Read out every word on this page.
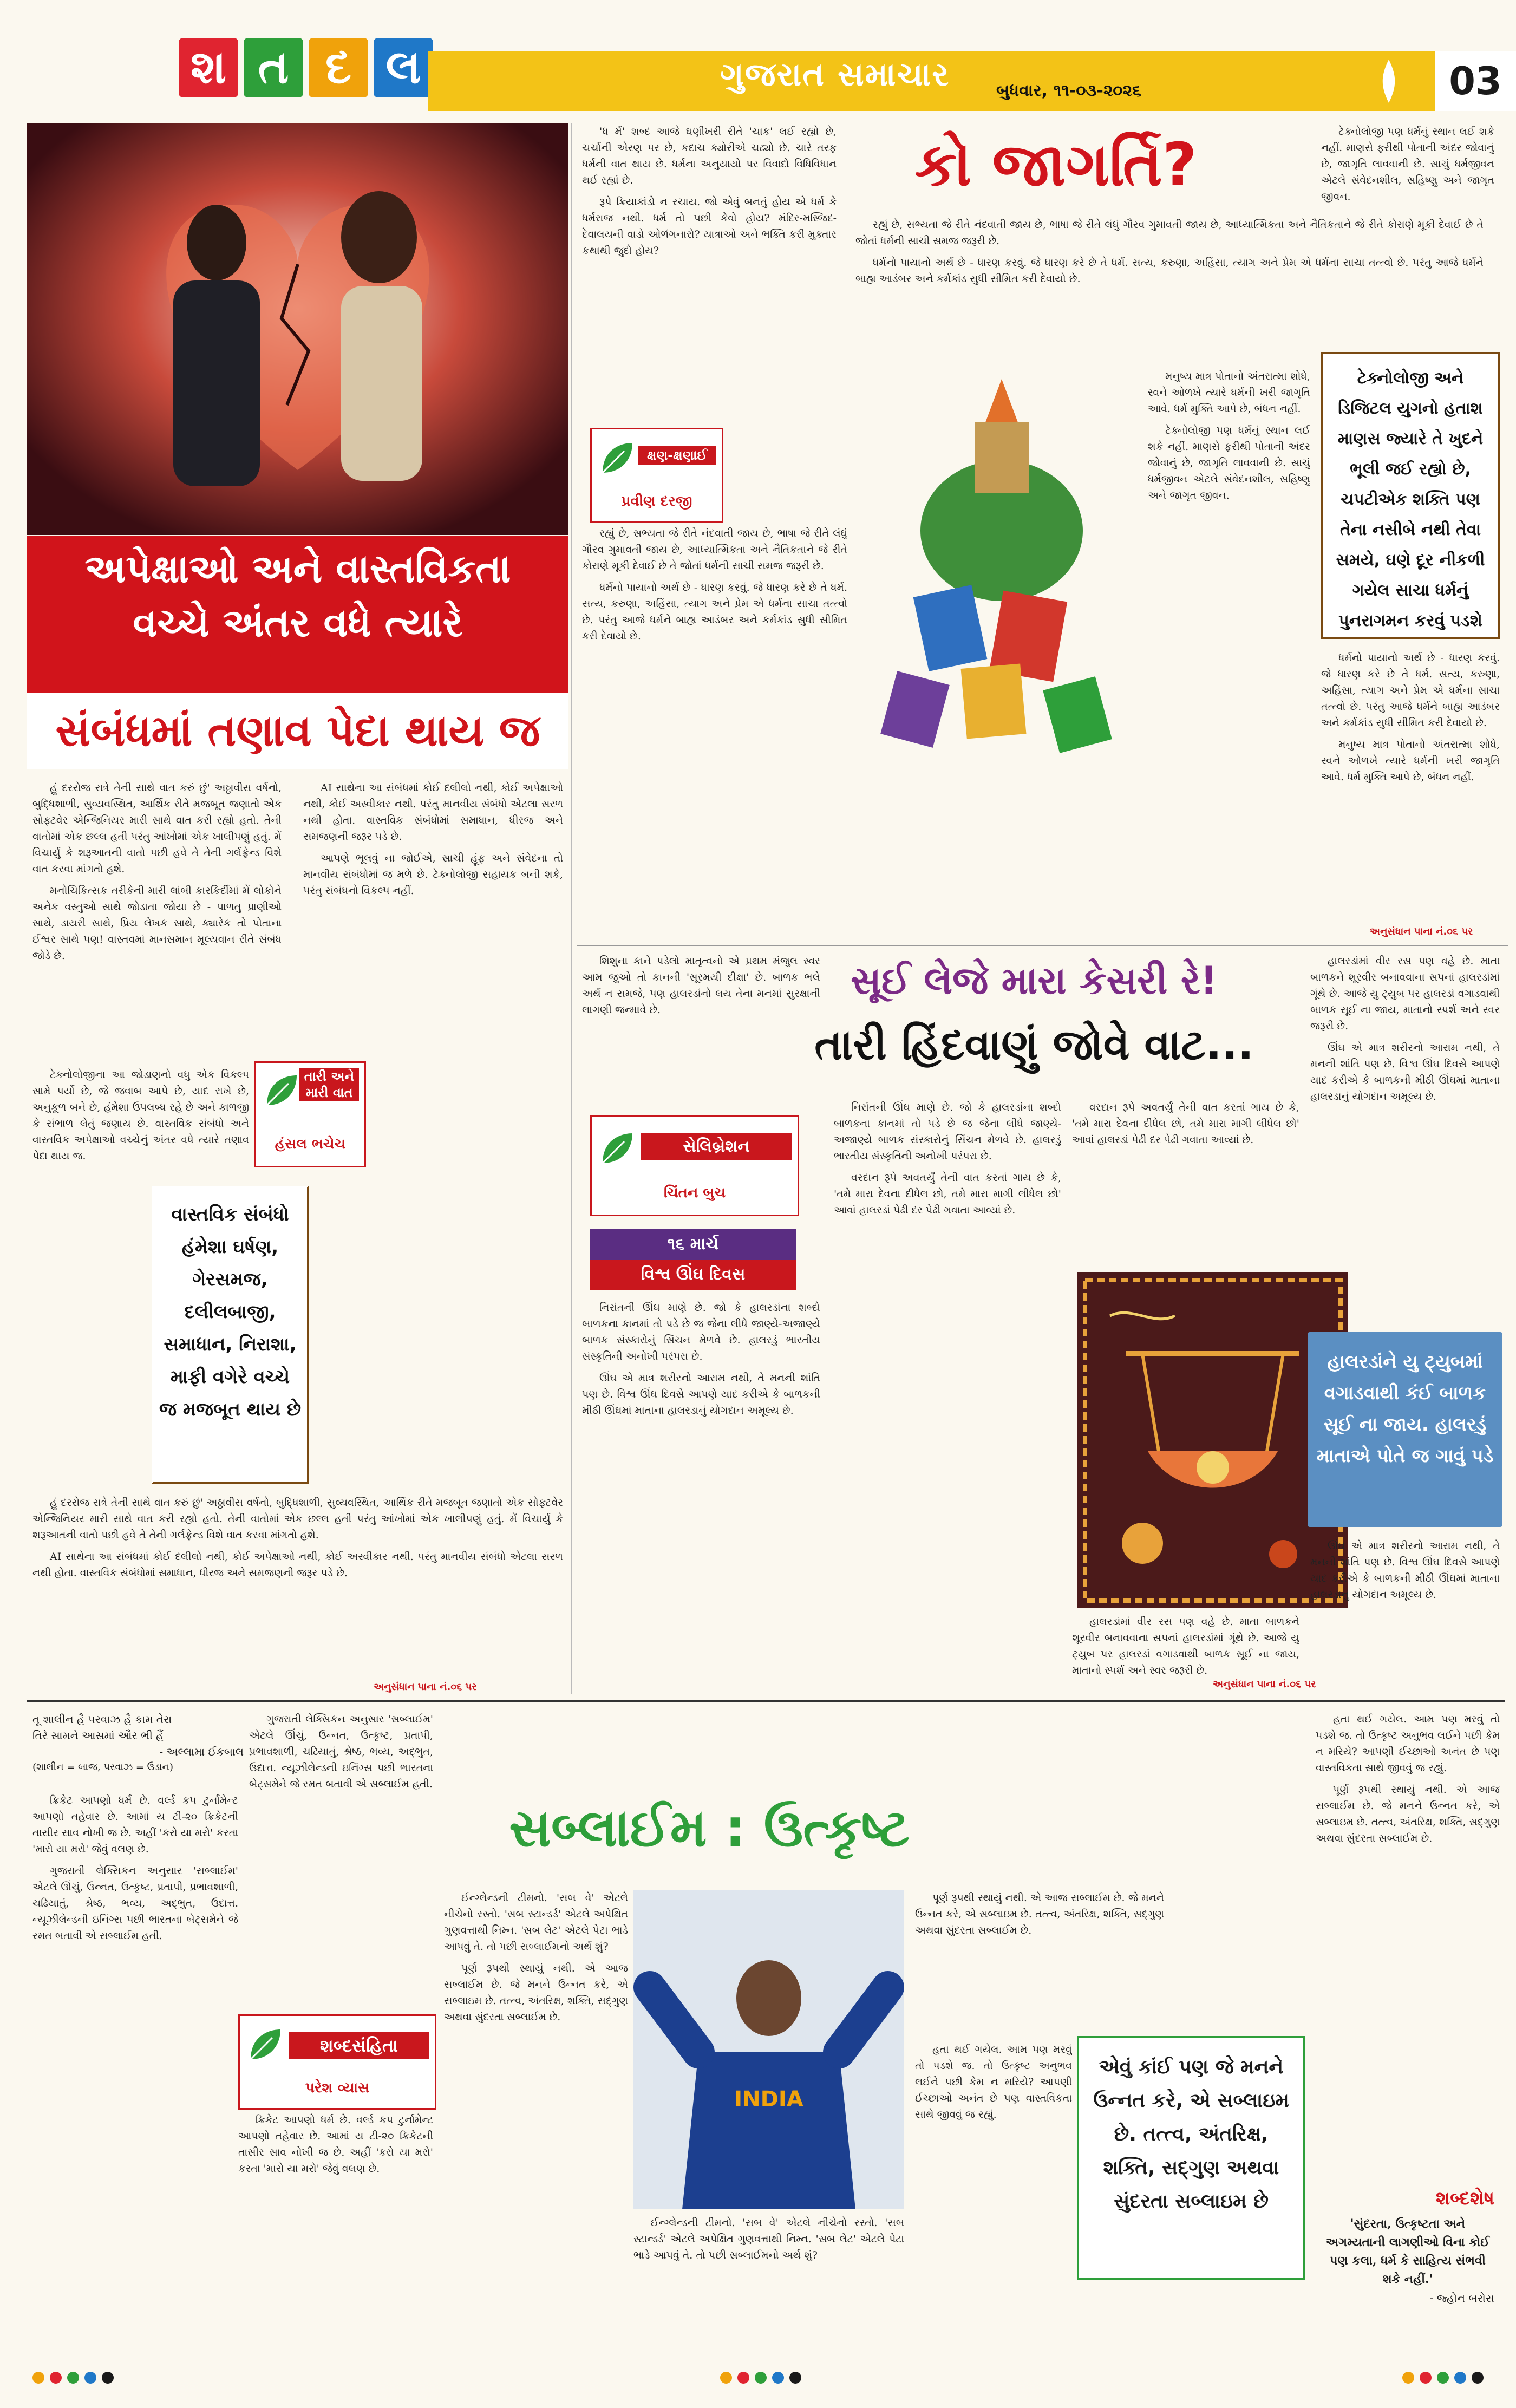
શ ત દ લ	ગુજરાત સમાચાર	બુધવાર, ૧૧-૦૩-૨૦૨૬	03
અપેક્ષાઓ અને વાસ્તવિકતા
વચ્ચે અંતર વધે ત્યારે
સંબંધમાં તણાવ પેદા થાય જ

હું દરરોજ રાત્રે તેની સાથે વાત કરું છું' અઠ્ઠાવીસ વર્ષનો, બુદ્ધિશાળી, સુવ્યવસ્થિત, આર્થિક રીતે મજબૂત જણાતો એક સોફ્ટવેર એન્જિનિયર મારી સાથે વાત કરી રહ્યો હતો. તેની વાતોમાં એક છલ્લ હતી પરંતુ આંખોમાં એક ખાલીપણું હતું. મેં વિચાર્યું કે શરૂઆતની વાતો પછી હવે તે તેની ગર્લફ્રેન્ડ વિશે વાત કરવા માંગતો હશે.

મનોચિકિત્સક તરીકેની મારી લાંબી કારકિર્દીમાં મેં લોકોને અનેક વસ્તુઓ સાથે જોડાતા જોયા છે - પાળતુ પ્રાણીઓ સાથે, ડાયરી સાથે, પ્રિય લેખક સાથે, ક્યારેક તો પોતાના ઈશ્વર સાથે પણ! વાસ્તવમાં માનસમાન મૂલ્યવાન રીતે સંબંધ જોડે છે.

AI સાથેના આ સંબંધમાં કોઈ દલીલો નથી, કોઈ અપેક્ષાઓ નથી, કોઈ અસ્વીકાર નથી. પરંતુ માનવીય સંબંધો એટલા સરળ નથી હોતા. વાસ્તવિક સંબંધોમાં સમાધાન, ધીરજ અને સમજણની જરૂર પડે છે.

આપણે ભૂલવું ના જોઈએ, સાચી હૂંફ અને સંવેદના તો માનવીય સંબંધોમાં જ મળે છે. ટેક્નોલોજી સહાયક બની શકે, પરંતુ સંબંધનો વિકલ્પ નહીં.

તારી અને મારી વાત
હંસલ ભચેચ

ટેક્નોલોજીના આ જોડાણનો વધુ એક વિકલ્પ સામે પર્યો છે, જે જવાબ આપે છે, યાદ રાખે છે, અનુકૂળ બને છે, હંમેશા ઉપલબ્ધ રહે છે અને કાળજી કે સંભાળ લેતું જણાય છે. વાસ્તવિક સંબંધો અને વાસ્તવિક અપેક્ષાઓ વચ્ચેનું અંતર વધે ત્યારે તણાવ પેદા થાય જ.

વાસ્તવિક સંબંધો હંમેશા ઘર્ષણ, ગેરસમજ, દલીલબાજી, સમાધાન, નિરાશા, માફી વગેરે વચ્ચે જ મજબૂત થાય છે

હું દરરોજ રાત્રે તેની સાથે વાત કરું છું' અઠ્ઠાવીસ વર્ષનો, બુદ્ધિશાળી, સુવ્યવસ્થિત, આર્થિક રીતે મજબૂત જણાતો એક સોફ્ટવેર એન્જિનિયર મારી સાથે વાત કરી રહ્યો હતો. તેની વાતોમાં એક છલ્લ હતી પરંતુ આંખોમાં એક ખાલીપણું હતું. મેં વિચાર્યું કે શરૂઆતની વાતો પછી હવે તે તેની ગર્લફ્રેન્ડ વિશે વાત કરવા માંગતો હશે.

AI સાથેના આ સંબંધમાં કોઈ દલીલો નથી, કોઈ અપેક્ષાઓ નથી, કોઈ અસ્વીકાર નથી. પરંતુ માનવીય સંબંધો એટલા સરળ નથી હોતા. વાસ્તવિક સંબંધોમાં સમાધાન, ધીરજ અને સમજણની જરૂર પડે છે.

અનુસંધાન પાના નં.૦૬ પર
કો જાગર્તિ?

'ધ ર્મ' શબ્દ આજે ઘણીખરી રીતે 'ચાક' લઈ રહ્યો છે, ચર્ચાની એરણ પર છે, કદાચ ક્યોરીએ ચઢ્યો છે. ચારે તરફ ધર્મની વાત થાય છે. ધર્મના અનુયાયો પર વિવાદો વિધિવિધાન થઈ રહ્યાં છે.

રૂપે ક્રિયાકાંડો ન રચાય. જો એવું બનતું હોય એ ધર્મ કે ધર્મરાજ નથી. ધર્મ તો પછી કેવો હોય? મંદિર-મસ્જિદ-દેવાલયની વાડો ઓળંગનારો? યાત્રાઓ અને ભક્તિ કરી મુક્તાર કથાથી જુદો હોય?

રહ્યું છે, સભ્યતા જે રીતે નંદવાતી જાય છે, ભાષા જે રીતે લંઘું ગૌરવ ગુમાવતી જાય છે, આધ્યાત્મિકતા અને નૈતિકતાને જે રીતે કોરાણે મૂકી દેવાઈ છે તે જોતાં ધર્મની સાચી સમજ જરૂરી છે.

ધર્મનો પાયાનો અર્થ છે - ધારણ કરવું. જે ધારણ કરે છે તે ધર્મ. સત્ય, કરુણા, અહિંસા, ત્યાગ અને પ્રેમ એ ધર્મના સાચા તત્ત્વો છે. પરંતુ આજે ધર્મને બાહ્ય આડંબર અને કર્મકાંડ સુધી સીમિત કરી દેવાયો છે.

ક્ષણ-ક્ષણાઈ
પ્રવીણ દરજી

રહ્યું છે, સભ્યતા જે રીતે નંદવાતી જાય છે, ભાષા જે રીતે લંઘું ગૌરવ ગુમાવતી જાય છે, આધ્યાત્મિકતા અને નૈતિકતાને જે રીતે કોરાણે મૂકી દેવાઈ છે તે જોતાં ધર્મની સાચી સમજ જરૂરી છે.

ધર્મનો પાયાનો અર્થ છે - ધારણ કરવું. જે ધારણ કરે છે તે ધર્મ. સત્ય, કરુણા, અહિંસા, ત્યાગ અને પ્રેમ એ ધર્મના સાચા તત્ત્વો છે. પરંતુ આજે ધર્મને બાહ્ય આડંબર અને કર્મકાંડ સુધી સીમિત કરી દેવાયો છે.

મનુષ્ય માત્ર પોતાનો અંતરાત્મા શોધે, સ્વને ઓળખે ત્યારે ધર્મની ખરી જાગૃતિ આવે. ધર્મ મુક્તિ આપે છે, બંધન નહીં.

ટેક્નોલોજી પણ ધર્મનું સ્થાન લઈ શકે નહીં. માણસે ફરીથી પોતાની અંદર જોવાનું છે, જાગૃતિ લાવવાની છે. સાચું ધર્મજીવન એટલે સંવેદનશીલ, સહિષ્ણુ અને જાગૃત જીવન.

ટેક્નોલોજી પણ ધર્મનું સ્થાન લઈ શકે નહીં. માણસે ફરીથી પોતાની અંદર જોવાનું છે, જાગૃતિ લાવવાની છે. સાચું ધર્મજીવન એટલે સંવેદનશીલ, સહિષ્ણુ અને જાગૃત જીવન.

ટેક્નોલોજી અને ડિજિટલ યુગનો હતાશ માણસ જ્યારે તે ખુદને ભૂલી જઈ રહ્યો છે, ચપટીએક શક્તિ પણ તેના નસીબે નથી તેવા સમયે, ઘણે દૂર નીકળી ગયેલ સાચા ધર્મનું પુનરાગમન કરવું પડશે

ધર્મનો પાયાનો અર્થ છે - ધારણ કરવું. જે ધારણ કરે છે તે ધર્મ. સત્ય, કરુણા, અહિંસા, ત્યાગ અને પ્રેમ એ ધર્મના સાચા તત્ત્વો છે. પરંતુ આજે ધર્મને બાહ્ય આડંબર અને કર્મકાંડ સુધી સીમિત કરી દેવાયો છે.

મનુષ્ય માત્ર પોતાનો અંતરાત્મા શોધે, સ્વને ઓળખે ત્યારે ધર્મની ખરી જાગૃતિ આવે. ધર્મ મુક્તિ આપે છે, બંધન નહીં.

અનુસંધાન પાના નં.૦૬ પર

શિશુના કાને પડેલો માતૃત્વનો એ પ્રથમ મંજુલ સ્વર આમ જુઓ તો કાનની 'સૂરમયી દીક્ષા' છે. બાળક ભલે અર્થ ન સમજે, પણ હાલરડાંનો લય તેના મનમાં સુરક્ષાની લાગણી જન્માવે છે.

સૂઈ લેજે મારા કેસરી રે!
તારી હિંદવાણું જોવે વાટ...

હાલરડાંમાં વીર રસ પણ વહે છે. માતા બાળકને શૂરવીર બનાવવાના સપનાં હાલરડાંમાં ગૂંથે છે. આજે યુ ટ્યુબ પર હાલરડાં વગાડવાથી બાળક સૂઈ ના જાય, માતાનો સ્પર્શ અને સ્વર જરૂરી છે.

ઊંઘ એ માત્ર શરીરનો આરામ નથી, તે મનની શાંતિ પણ છે. વિશ્વ ઊંઘ દિવસે આપણે યાદ કરીએ કે બાળકની મીઠી ઊંઘમાં માતાના હાલરડાનું યોગદાન અમૂલ્ય છે.

સેલિબ્રેશન
ચિંતન બુચ
૧૬ માર્ચ
વિશ્વ ઊંઘ દિવસ

નિરાંતની ઊંઘ માણે છે. જો કે હાલરડાંના શબ્દો બાળકના કાનમાં તો પડે છે જ જેના લીધે જાણ્યે-અજાણ્યે બાળક સંસ્કારોનું સિંચન મેળવે છે. હાલરડું ભારતીય સંસ્કૃતિની અનોખી પરંપરા છે.

ઊંઘ એ માત્ર શરીરનો આરામ નથી, તે મનની શાંતિ પણ છે. વિશ્વ ઊંઘ દિવસે આપણે યાદ કરીએ કે બાળકની મીઠી ઊંઘમાં માતાના હાલરડાનું યોગદાન અમૂલ્ય છે.

નિરાંતની ઊંઘ માણે છે. જો કે હાલરડાંના શબ્દો બાળકના કાનમાં તો પડે છે જ જેના લીધે જાણ્યે-અજાણ્યે બાળક સંસ્કારોનું સિંચન મેળવે છે. હાલરડું ભારતીય સંસ્કૃતિની અનોખી પરંપરા છે.

વરદાન રૂપે અવતર્યું તેની વાત કરતાં ગાય છે કે, 'તમે મારા દેવના દીધેલ છો, તમે મારા માગી લીધેલ છો' આવાં હાલરડાં પેઢી દર પેઢી ગવાતા આવ્યાં છે.

વરદાન રૂપે અવતર્યું તેની વાત કરતાં ગાય છે કે, 'તમે મારા દેવના દીધેલ છો, તમે મારા માગી લીધેલ છો' આવાં હાલરડાં પેઢી દર પેઢી ગવાતા આવ્યાં છે.

હાલરડાંમાં વીર રસ પણ વહે છે. માતા બાળકને શૂરવીર બનાવવાના સપનાં હાલરડાંમાં ગૂંથે છે. આજે યુ ટ્યુબ પર હાલરડાં વગાડવાથી બાળક સૂઈ ના જાય, માતાનો સ્પર્શ અને સ્વર જરૂરી છે.

હાલરડાંને યુ ટ્યુબમાં વગાડવાથી કંઈ બાળક સૂઈ ના જાય. હાલરડું માતાએ પોતે જ ગાવું પડે

ઊંઘ એ માત્ર શરીરનો આરામ નથી, તે મનની શાંતિ પણ છે. વિશ્વ ઊંઘ દિવસે આપણે યાદ કરીએ કે બાળકની મીઠી ઊંઘમાં માતાના હાલરડાનું યોગદાન અમૂલ્ય છે.

અનુસંધાન પાના નં.૦૬ પર
તૂ શાલીન હૈ પરવાઝ હૈ કામ તેરા
તિરે સામને આસમાં ઔર ભી હૈં
- અલ્લામા ઈકબાલ
(શાલીન = બાજ, પરવાઝ = ઉડાન)

ક્રિકેટ આપણો ધર્મ છે. વર્લ્ડ કપ ટુર્નામેન્ટ આપણો તહેવાર છે. આમાં ય ટી-૨૦ ક્રિકેટની તાસીર સાવ નોખી જ છે. અહીં 'કરો યા મરો' કરતા 'મારો યા મરો' જેવું વલણ છે.

ગુજરાતી લેક્સિકન અનુસાર 'સબ્લાઈમ' એટલે ઊંચું, ઉન્નત, ઉત્કૃષ્ટ, પ્રતાપી, પ્રભાવશાળી, ચઢિયાતું, શ્રેષ્ઠ, ભવ્ય, અદ્ભુત, ઉદાત્ત. ન્યૂઝીલેન્ડની ઇનિંગ્સ પછી ભારતના બેટ્સમેને જે રમત બતાવી એ સબ્લાઈમ હતી.

સબ્લાઈમ : ઉત્કૃષ્ટ

ગુજરાતી લેક્સિકન અનુસાર 'સબ્લાઈમ' એટલે ઊંચું, ઉન્નત, ઉત્કૃષ્ટ, પ્રતાપી, પ્રભાવશાળી, ચઢિયાતું, શ્રેષ્ઠ, ભવ્ય, અદ્ભુત, ઉદાત્ત. ન્યૂઝીલેન્ડની ઇનિંગ્સ પછી ભારતના બેટ્સમેને જે રમત બતાવી એ સબ્લાઈમ હતી.

શબ્દસંહિતા
પરેશ વ્યાસ

ક્રિકેટ આપણો ધર્મ છે. વર્લ્ડ કપ ટુર્નામેન્ટ આપણો તહેવાર છે. આમાં ય ટી-૨૦ ક્રિકેટની તાસીર સાવ નોખી જ છે. અહીં 'કરો યા મરો' કરતા 'મારો યા મરો' જેવું વલણ છે.

ઈન્ગ્લેન્ડની ટીમનો. 'સબ વે' એટલે નીચેનો રસ્તો. 'સબ સ્ટાન્ડર્ડ' એટલે અપેક્ષિત ગુણવત્તાથી નિમ્ન. 'સબ લેટ' એટલે પેટા ભાડે આપવું તે. તો પછી સબ્લાઈમનો અર્થ શું?

પૂર્ણ રૂપથી સ્થાયું નથી. એ આજ સબ્લાઈમ છે. જે મનને ઉન્નત કરે, એ સબ્લાઇમ છે. તત્ત્વ, અંતરિક્ષ, શક્તિ, સદ્ગુણ અથવા સુંદરતા સબ્લાઈમ છે.

INDIA

ઈન્ગ્લેન્ડની ટીમનો. 'સબ વે' એટલે નીચેનો રસ્તો. 'સબ સ્ટાન્ડર્ડ' એટલે અપેક્ષિત ગુણવત્તાથી નિમ્ન. 'સબ લેટ' એટલે પેટા ભાડે આપવું તે. તો પછી સબ્લાઈમનો અર્થ શું?

પૂર્ણ રૂપથી સ્થાયું નથી. એ આજ સબ્લાઈમ છે. જે મનને ઉન્નત કરે, એ સબ્લાઇમ છે. તત્ત્વ, અંતરિક્ષ, શક્તિ, સદ્ગુણ અથવા સુંદરતા સબ્લાઈમ છે.

એવું કાંઈ પણ જે મનને ઉન્નત કરે, એ સબ્લાઇમ છે. તત્ત્વ, અંતરિક્ષ, શક્તિ, સદ્ગુણ અથવા સુંદરતા સબ્લાઇમ છે

હતા થઈ ગયેલ. આમ પણ મરવું તો પડશે જ. તો ઉત્કૃષ્ટ અનુભવ લઈને પછી કેમ ન મરિયે? આપણી ઈચ્છાઓ અનંત છે પણ વાસ્તવિકતા સાથે જીવવું જ રહ્યું.

હતા થઈ ગયેલ. આમ પણ મરવું તો પડશે જ. તો ઉત્કૃષ્ટ અનુભવ લઈને પછી કેમ ન મરિયે? આપણી ઈચ્છાઓ અનંત છે પણ વાસ્તવિકતા સાથે જીવવું જ રહ્યું.

પૂર્ણ રૂપથી સ્થાયું નથી. એ આજ સબ્લાઈમ છે. જે મનને ઉન્નત કરે, એ સબ્લાઇમ છે. તત્ત્વ, અંતરિક્ષ, શક્તિ, સદ્ગુણ અથવા સુંદરતા સબ્લાઈમ છે.

શબ્દશેષ
'સુંદરતા, ઉત્કૃષ્ટતા અને અગમ્યતાની લાગણીઓ વિના કોઈ પણ કલા, ધર્મ કે સાહિત્ય સંભવી શકે નહીં.'
- જ્હોન બરોસ
